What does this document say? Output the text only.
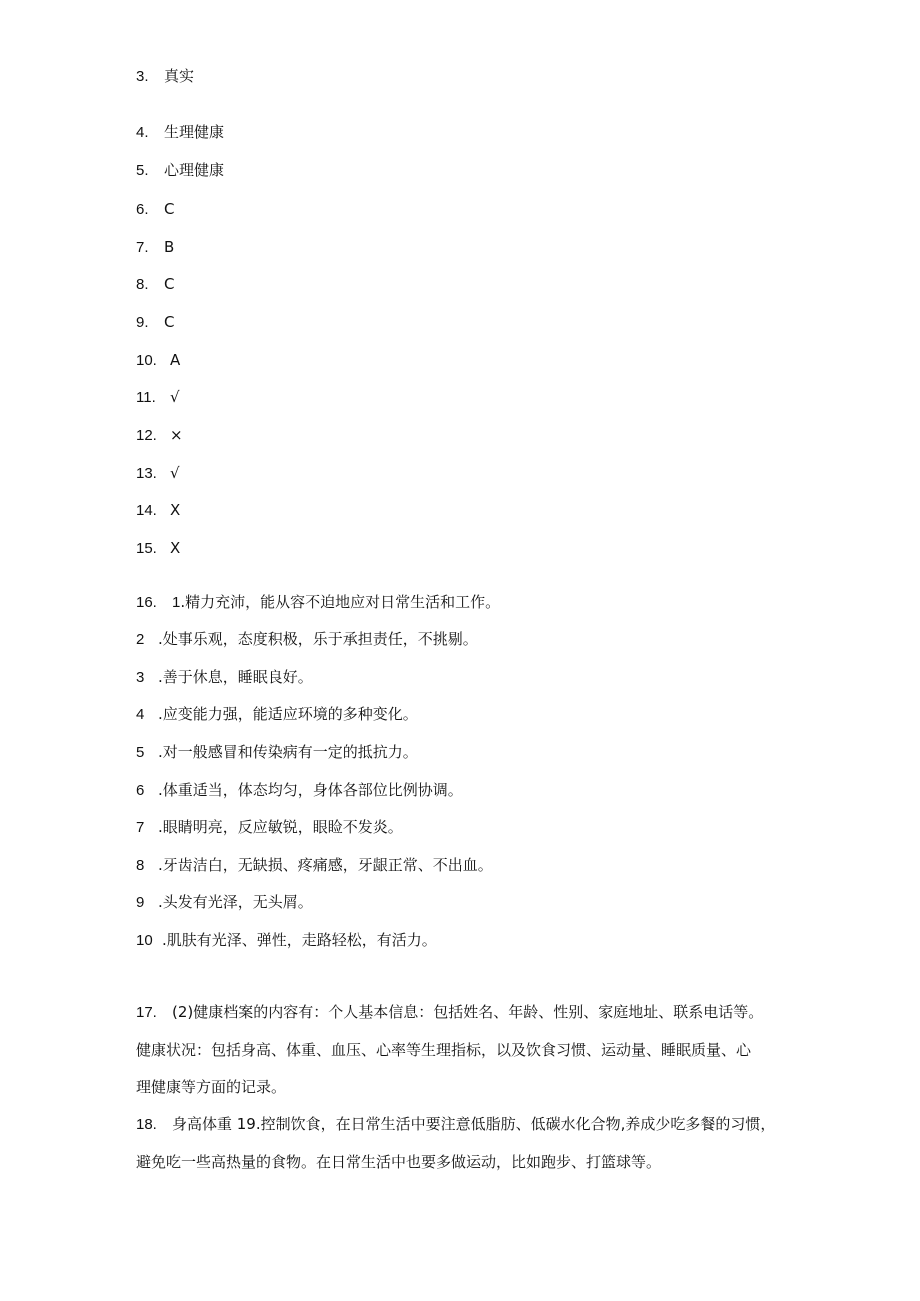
3. 真实
4. 生理健康
5. 心理健康
6. C
7. B
8. C
9. C
10. A
11. √
12. ×
13. √
14. X
15. X
16. 1.精力充沛，能从容不迫地应对日常生活和工作。
2 .处事乐观，态度积极，乐于承担责任，不挑剔。
3 .善于休息，睡眠良好。
4 .应变能力强，能适应环境的多种变化。
5 .对一般感冒和传染病有一定的抵抗力。
6 .体重适当，体态均匀，身体各部位比例协调。
7 .眼睛明亮，反应敏锐，眼睑不发炎。
8 .牙齿洁白，无缺损、疼痛感，牙龈正常、不出血。
9 .头发有光泽，无头屑。
10 .肌肤有光泽、弹性，走路轻松，有活力。
17. (2)健康档案的内容有：个人基本信息：包括姓名、年龄、性别、家庭地址、联系电话等。
健康状况：包括身高、体重、血压、心率等生理指标，以及饮食习惯、运动量、睡眠质量、心
理健康等方面的记录。
18. 身高体重 19.控制饮食，在日常生活中要注意低脂肪、低碳水化合物,养成少吃多餐的习惯，
避免吃一些高热量的食物。在日常生活中也要多做运动，比如跑步、打篮球等。
